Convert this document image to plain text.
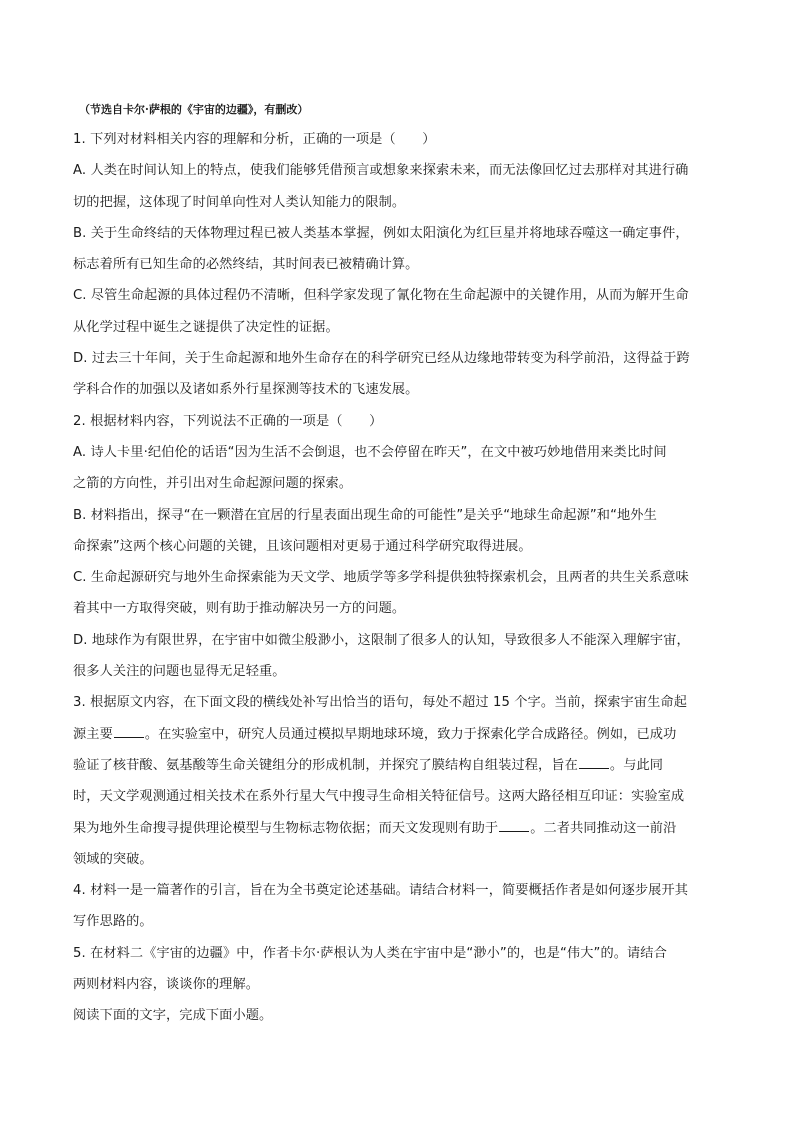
（节选自卡尔·萨根的《宇宙的边疆》，有删改）
1. 下列对材料相关内容的理解和分析，正确的一项是（　　）
A. 人类在时间认知上的特点，使我们能够凭借预言或想象来探索未来，而无法像回忆过去那样对其进行确
切的把握，这体现了时间单向性对人类认知能力的限制。
B. 关于生命终结的天体物理过程已被人类基本掌握，例如太阳演化为红巨星并将地球吞噬这一确定事件，
标志着所有已知生命的必然终结，其时间表已被精确计算。
C. 尽管生命起源的具体过程仍不清晰，但科学家发现了氰化物在生命起源中的关键作用，从而为解开生命
从化学过程中诞生之谜提供了决定性的证据。
D. 过去三十年间，关于生命起源和地外生命存在的科学研究已经从边缘地带转变为科学前沿，这得益于跨
学科合作的加强以及诸如系外行星探测等技术的飞速发展。
2. 根据材料内容，下列说法不正确的一项是（　　）
A. 诗人卡里·纪伯伦的话语“因为生活不会倒退，也不会停留在昨天”，在文中被巧妙地借用来类比时间
之箭的方向性，并引出对生命起源问题的探索。
B. 材料指出，探寻“在一颗潜在宜居的行星表面出现生命的可能性”是关乎“地球生命起源”和“地外生
命探索”这两个核心问题的关键，且该问题相对更易于通过科学研究取得进展。
C. 生命起源研究与地外生命探索能为天文学、地质学等多学科提供独特探索机会，且两者的共生关系意味
着其中一方取得突破，则有助于推动解决另一方的问题。
D. 地球作为有限世界，在宇宙中如微尘般渺小，这限制了很多人的认知，导致很多人不能深入理解宇宙，
很多人关注的问题也显得无足轻重。
3. 根据原文内容，在下面文段的横线处补写出恰当的语句，每处不超过 15 个字。当前，探索宇宙生命起
源主要 。在实验室中，研究人员通过模拟早期地球环境，致力于探索化学合成路径。例如，已成功
验证了核苷酸、氨基酸等生命关键组分的形成机制，并探究了膜结构自组装过程，旨在 。与此同
时，天文学观测通过相关技术在系外行星大气中搜寻生命相关特征信号。这两大路径相互印证：实验室成
果为地外生命搜寻提供理论模型与生物标志物依据；而天文发现则有助于 。二者共同推动这一前沿
领域的突破。
4. 材料一是一篇著作的引言，旨在为全书奠定论述基础。请结合材料一，简要概括作者是如何逐步展开其
写作思路的。
5. 在材料二《宇宙的边疆》中，作者卡尔·萨根认为人类在宇宙中是“渺小”的，也是“伟大”的。请结合
两则材料内容，谈谈你的理解。
阅读下面的文字，完成下面小题。
